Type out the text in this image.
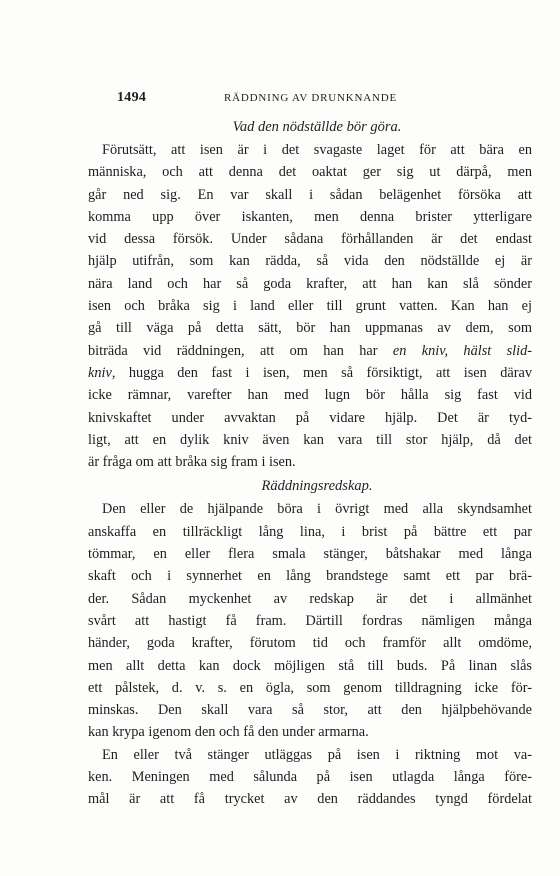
1494	RÄDDNING AV DRUNKNANDE

Vad den nödställde bör göra.

Förutsätt, att isen är i det svagaste laget för att bära en
människa, och att denna det oaktat ger sig ut därpå, men
går ned sig. En var skall i sådan belägenhet försöka att
komma upp över iskanten, men denna brister ytterligare
vid dessa försök. Under sådana förhållanden är det endast
hjälp utifrån, som kan rädda, så vida den nödställde ej är
nära land och har så goda krafter, att han kan slå sönder
isen och bråka sig i land eller till grunt vatten. Kan han ej
gå till väga på detta sätt, bör han uppmanas av dem, som
biträda vid räddningen, att om han har en kniv, hälst slid-
kniv, hugga den fast i isen, men så försiktigt, att isen därav
icke rämnar, varefter han med lugn bör hålla sig fast vid
knivskaftet under avvaktan på vidare hjälp. Det är tyd-
ligt, att en dylik kniv även kan vara till stor hjälp, då det
är fråga om att bråka sig fram i isen.

Räddningsredskap.

Den eller de hjälpande böra i övrigt med alla skyndsamhet
anskaffa en tillräckligt lång lina, i brist på bättre ett par
tömmar, en eller flera smala stänger, båtshakar med långa
skaft och i synnerhet en lång brandstege samt ett par brä-
der. Sådan myckenhet av redskap är det i allmänhet
svårt att hastigt få fram. Därtill fordras nämligen många
händer, goda krafter, förutom tid och framför allt omdöme,
men allt detta kan dock möjligen stå till buds. På linan slås
ett pålstek, d. v. s. en ögla, som genom tilldragning icke för-
minskas. Den skall vara så stor, att den hjälpbehövande
kan krypa igenom den och få den under armarna.
En eller två stänger utläggas på isen i riktning mot va-
ken. Meningen med sålunda på isen utlagda långa före-
mål är att få trycket av den räddandes tyngd fördelat
